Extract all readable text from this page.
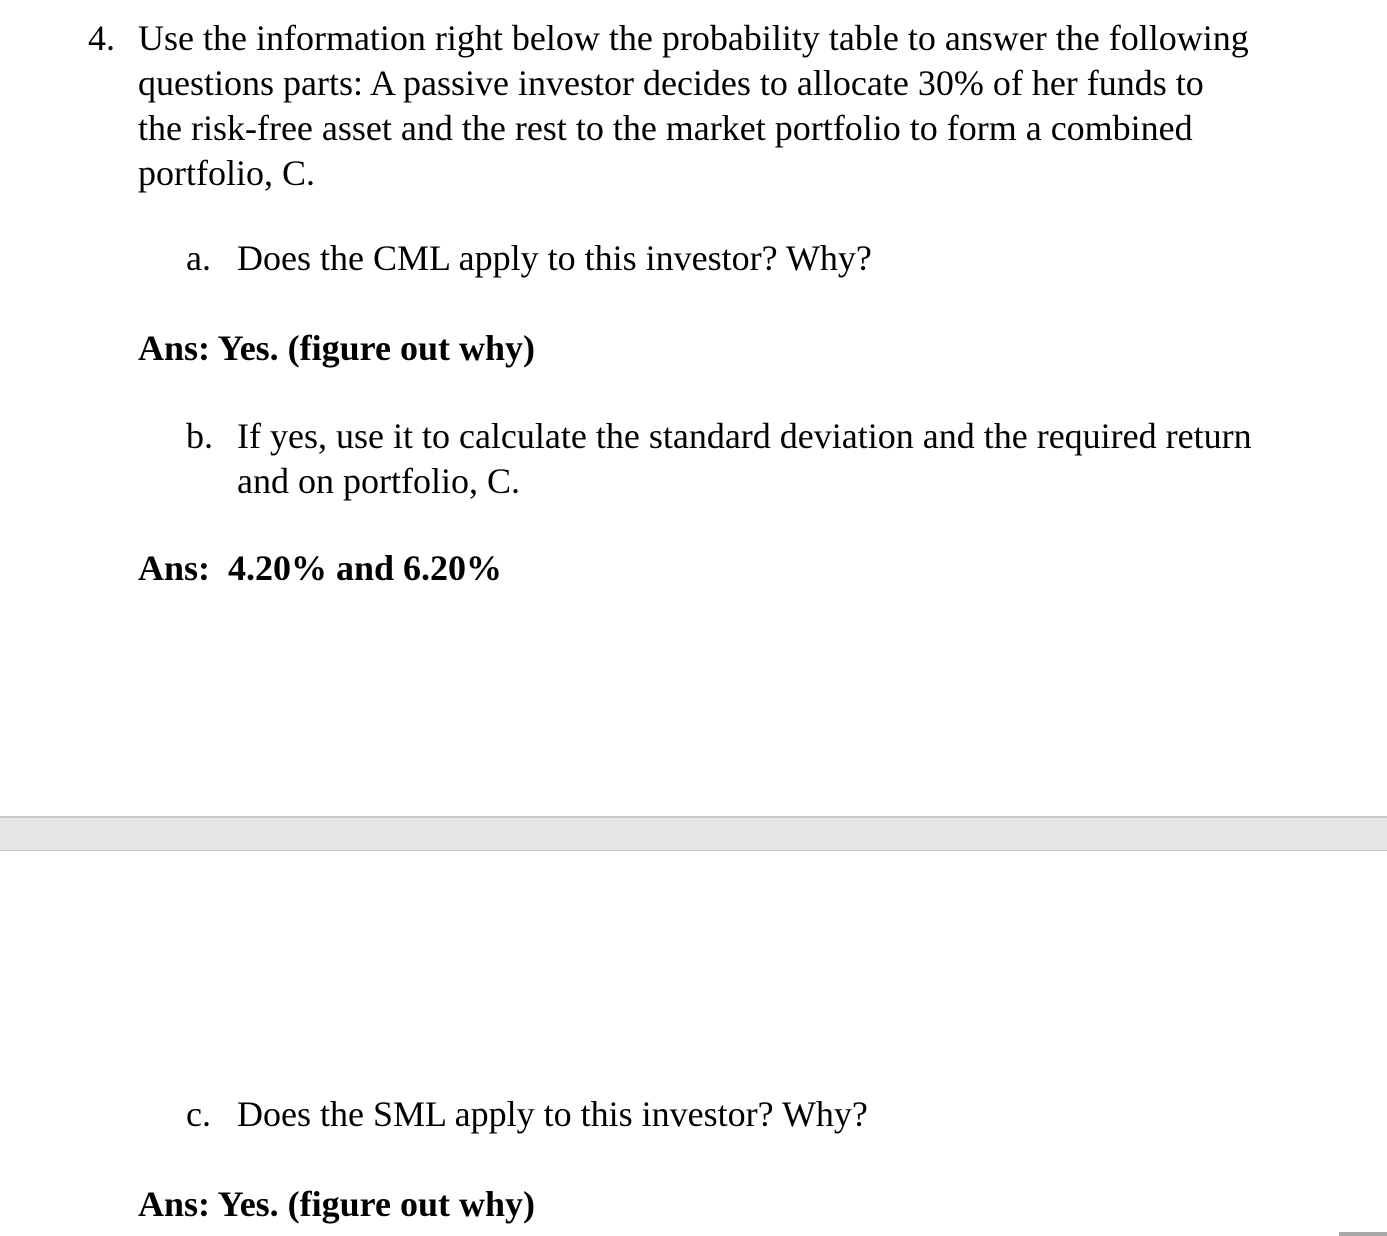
4. Use the information right below the probability table to answer the following
questions parts: A passive investor decides to allocate 30% of her funds to
the risk-free asset and the rest to the market portfolio to form a combined
portfolio, C.

a. Does the CML apply to this investor? Why?

Ans: Yes. (figure out why)

b. If yes, use it to calculate the standard deviation and the required return
and on portfolio, C.

Ans:  4.20% and 6.20%

c. Does the SML apply to this investor? Why?

Ans: Yes. (figure out why)
